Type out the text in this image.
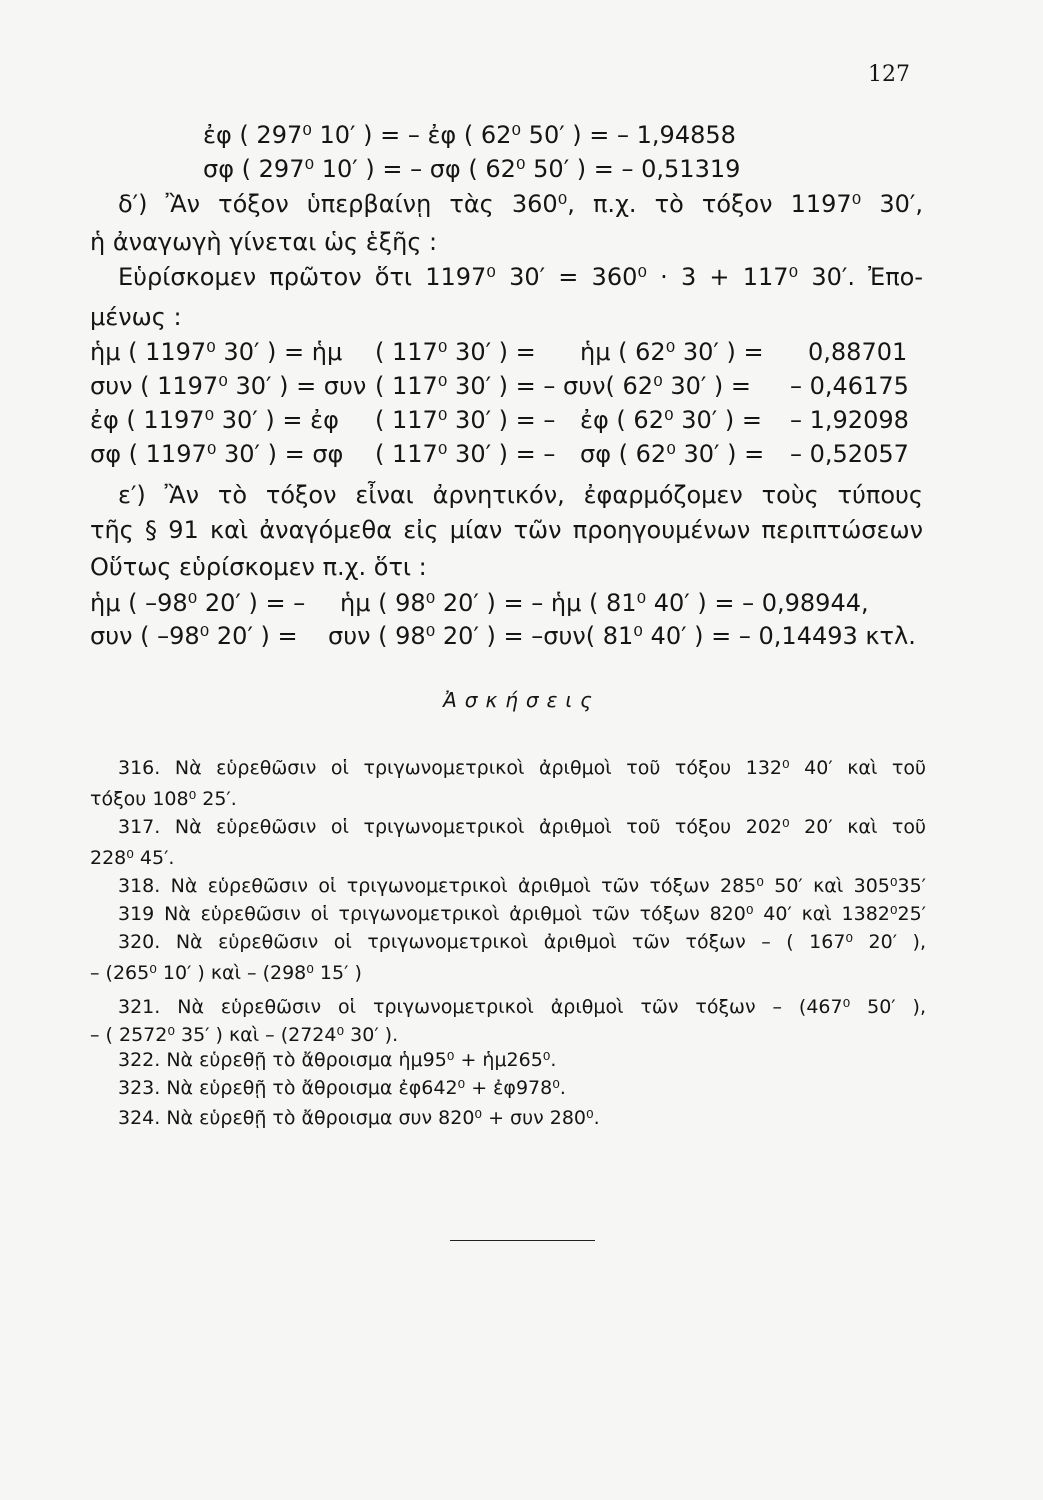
127
ἐφ ( 297⁰ 10′ ) = – ἐφ ( 62⁰ 50′ ) = – 1,94858
σφ ( 297⁰ 10′ ) = – σφ ( 62⁰ 50′ ) = – 0,51319
δ′) Ἂν τόξον ὑπερβαίνῃ τὰς 360⁰, π.χ. τὸ τόξον 1197⁰ 30′,
ἡ ἀναγωγὴ γίνεται ὡς ἑξῆς :
Εὑρίσκομεν πρῶτον ὅτι 1197⁰ 30′ = 360⁰ · 3 + 117⁰ 30′. Ἐπο-
μένως :
ἡμ ( 1197⁰ 30′ ) = ἡμ ( 117⁰ 30′ ) = ἡμ ( 62⁰ 30′ ) = 0,88701
συν ( 1197⁰ 30′ ) = συν ( 117⁰ 30′ ) = – συν( 62⁰ 30′ ) = – 0,46175
ἐφ ( 1197⁰ 30′ ) = ἐφ ( 117⁰ 30′ ) = – ἐφ ( 62⁰ 30′ ) = – 1,92098
σφ ( 1197⁰ 30′ ) = σφ ( 117⁰ 30′ ) = – σφ ( 62⁰ 30′ ) = – 0,52057
ε′) Ἂν τὸ τόξον εἶναι ἀρνητικόν, ἐφαρμόζομεν τοὺς τύπους
τῆς § 91 καὶ ἀναγόμεθα εἰς μίαν τῶν προηγουμένων περιπτώσεων
Οὕτως εὑρίσκομεν π.χ. ὅτι :
ἡμ ( –98⁰ 20′ ) = – ἡμ ( 98⁰ 20′ ) = – ἡμ ( 81⁰ 40′ ) = – 0,98944,
συν ( –98⁰ 20′ ) = συν ( 98⁰ 20′ ) = –συν( 81⁰ 40′ ) = – 0,14493 κτλ.
Ἀσκήσεις
316. Νὰ εὑρεθῶσιν οἱ τριγωνομετρικοὶ ἀριθμοὶ τοῦ τόξου 132⁰ 40′ καὶ τοῦ
τόξου 108⁰ 25′.
317. Νὰ εὑρεθῶσιν οἱ τριγωνομετρικοὶ ἀριθμοὶ τοῦ τόξου 202⁰ 20′ καὶ τοῦ
228⁰ 45′.
318. Νὰ εὑρεθῶσιν οἱ τριγωνομετρικοὶ ἀριθμοὶ τῶν τόξων 285⁰ 50′ καὶ 305⁰35′
319 Νὰ εὑρεθῶσιν οἱ τριγωνομετρικοὶ ἀριθμοὶ τῶν τόξων 820⁰ 40′ καὶ 1382⁰25′
320. Νὰ εὑρεθῶσιν οἱ τριγωνομετρικοὶ ἀριθμοὶ τῶν τόξων – ( 167⁰ 20′ ),
– (265⁰ 10′ ) καὶ – (298⁰ 15′ )
321. Νὰ εὑρεθῶσιν οἱ τριγωνομετρικοὶ ἀριθμοὶ τῶν τόξων – (467⁰ 50′ ),
– ( 2572⁰ 35′ ) καὶ – (2724⁰ 30′ ).
322. Νὰ εὑρεθῇ τὸ ἄθροισμα ἡμ95⁰ + ἡμ265⁰.
323. Νὰ εὑρεθῇ τὸ ἄθροισμα ἐφ642⁰ + ἐφ978⁰.
324. Νὰ εὑρεθῇ τὸ ἄθροισμα συν 820⁰ + συν 280⁰.
